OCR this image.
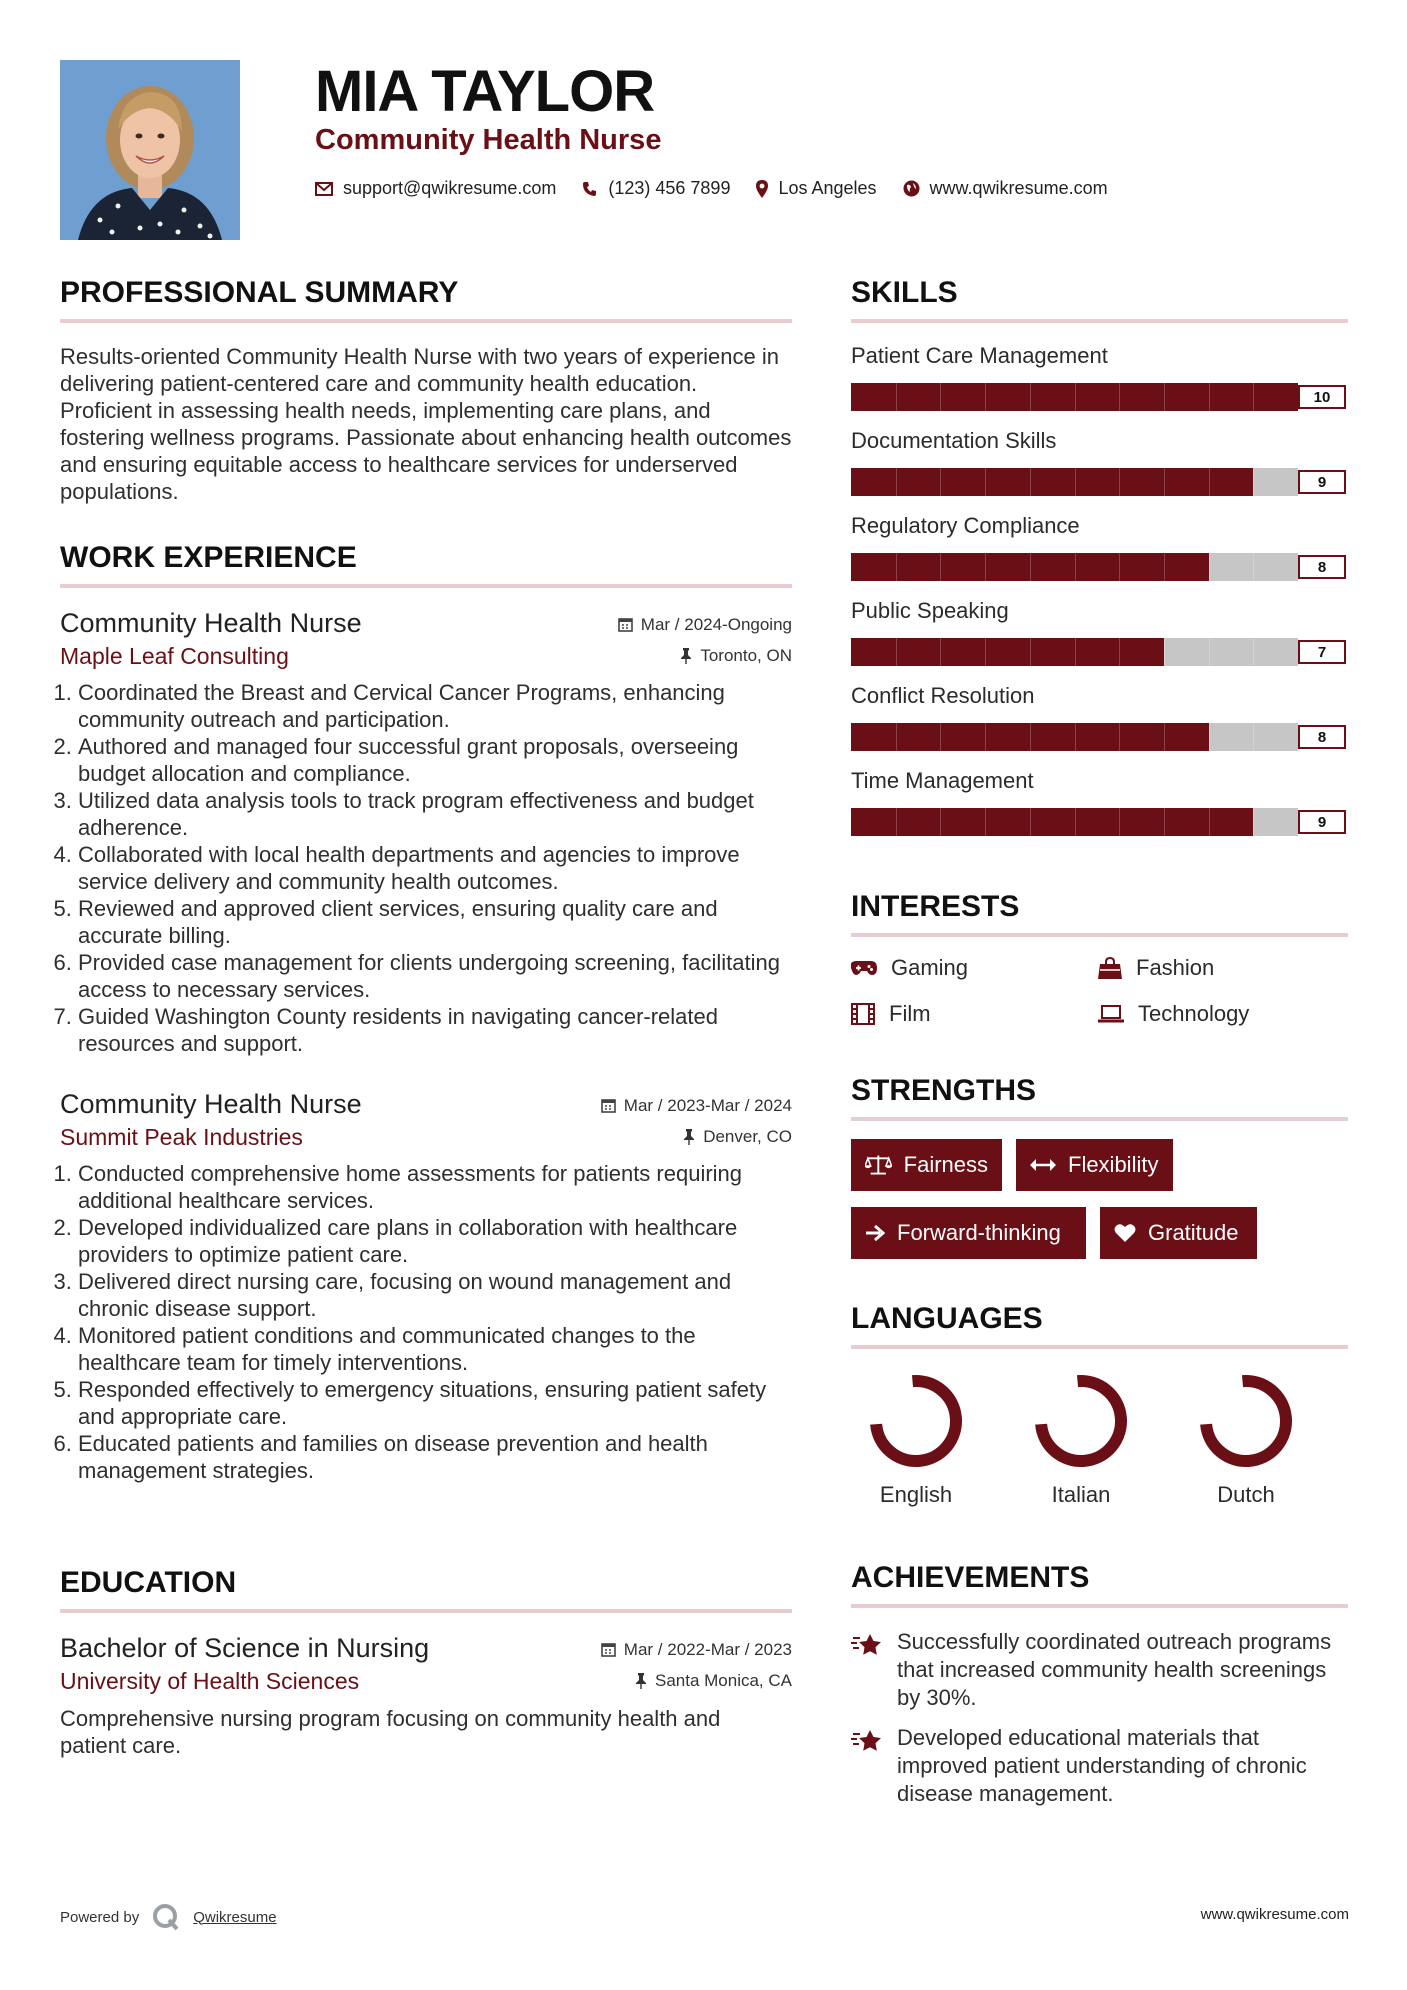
MIA TAYLOR
Community Health Nurse
support@qwikresume.com	(123) 456 7899	Los Angeles	www.qwikresume.com
PROFESSIONAL SUMMARY

Results-oriented Community Health Nurse with two years of experience in delivering patient-centered care and community health education. Proficient in assessing health needs, implementing care plans, and fostering wellness programs. Passionate about enhancing health outcomes and ensuring equitable access to healthcare services for underserved populations.

WORK EXPERIENCE
Community Health Nurse	Mar / 2024-Ongoing
Maple Leaf Consulting	Toronto, ON
1. Coordinated the Breast and Cervical Cancer Programs, enhancing community outreach and participation.
2. Authored and managed four successful grant proposals, overseeing budget allocation and compliance.
3. Utilized data analysis tools to track program effectiveness and budget adherence.
4. Collaborated with local health departments and agencies to improve service delivery and community health outcomes.
5. Reviewed and approved client services, ensuring quality care and accurate billing.
6. Provided case management for clients undergoing screening, facilitating access to necessary services.
7. Guided Washington County residents in navigating cancer-related resources and support.
Community Health Nurse	Mar / 2023-Mar / 2024
Summit Peak Industries	Denver, CO
1. Conducted comprehensive home assessments for patients requiring additional healthcare services.
2. Developed individualized care plans in collaboration with healthcare providers to optimize patient care.
3. Delivered direct nursing care, focusing on wound management and chronic disease support.
4. Monitored patient conditions and communicated changes to the healthcare team for timely interventions.
5. Responded effectively to emergency situations, ensuring patient safety and appropriate care.
6. Educated patients and families on disease prevention and health management strategies.
EDUCATION
Bachelor of Science in Nursing	Mar / 2022-Mar / 2023
University of Health Sciences	Santa Monica, CA

Comprehensive nursing program focusing on community health and patient care.

SKILLS
Patient Care Management
10
Documentation Skills
9
Regulatory Compliance
8
Public Speaking
7
Conflict Resolution
8
Time Management
9
INTERESTS
Gaming	Fashion
Film	Technology
STRENGTHS
Fairness	Flexibility
Forward-thinking	Gratitude
LANGUAGES
English	Italian	Dutch
ACHIEVEMENTS
Successfully coordinated outreach programs that increased community health screenings by 30%.
Developed educational materials that improved patient understanding of chronic disease management.
Powered by	Qwikresume	www.qwikresume.com
